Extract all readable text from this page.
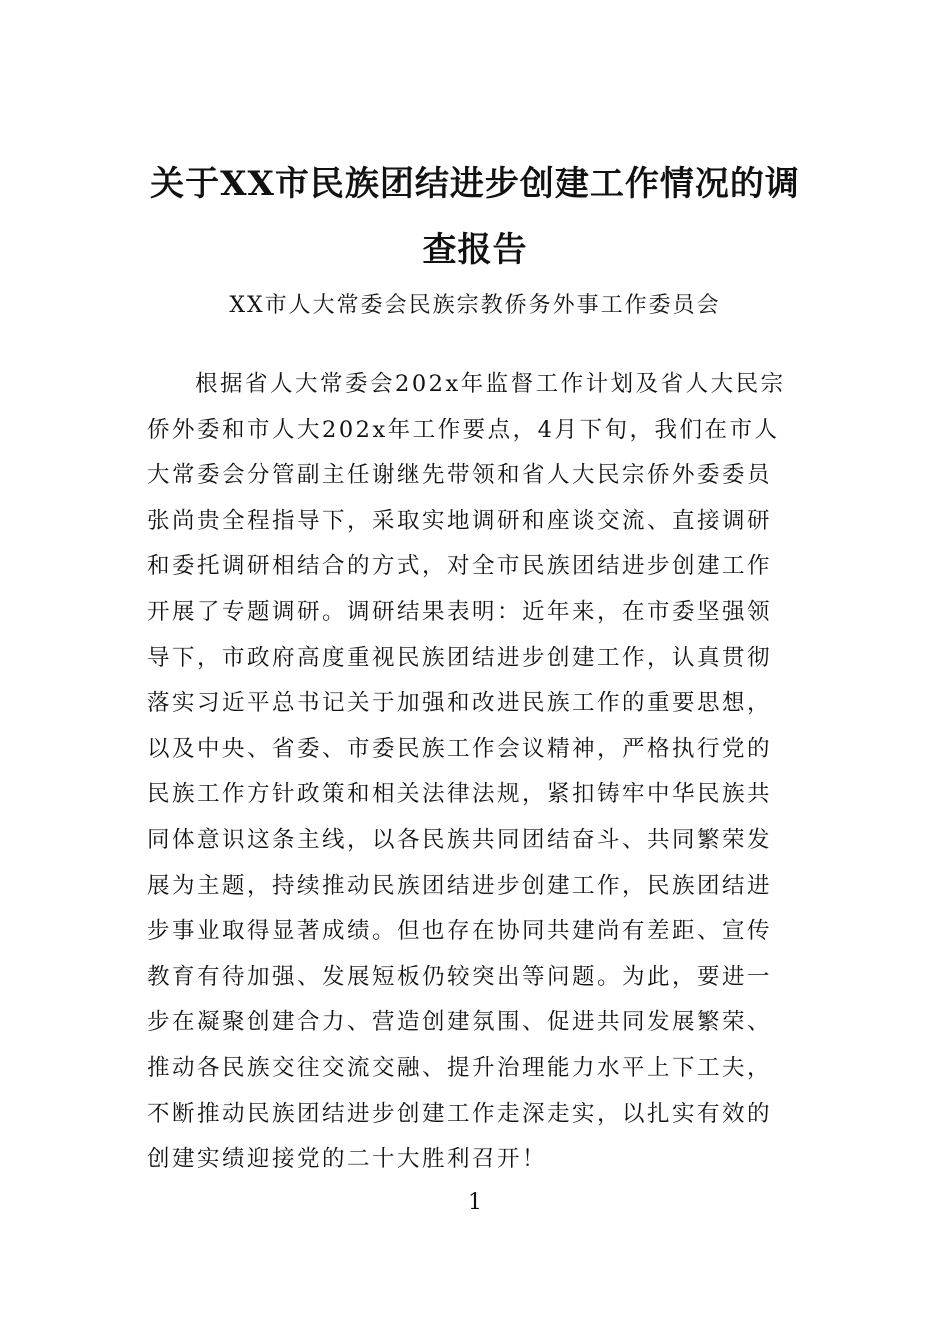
关于XX市民族团结进步创建工作情况的调
查报告

XX市人大常委会民族宗教侨务外事工作委员会

根据省人大常委会202x年监督工作计划及省人大民宗

侨外委和市人大202x年工作要点，4月下旬，我们在市人

大常委会分管副主任谢继先带领和省人大民宗侨外委委员

张尚贵全程指导下，采取实地调研和座谈交流、直接调研

和委托调研相结合的方式，对全市民族团结进步创建工作

开展了专题调研。调研结果表明：近年来，在市委坚强领

导下，市政府高度重视民族团结进步创建工作，认真贯彻

落实习近平总书记关于加强和改进民族工作的重要思想，

以及中央、省委、市委民族工作会议精神，严格执行党的

民族工作方针政策和相关法律法规，紧扣铸牢中华民族共

同体意识这条主线，以各民族共同团结奋斗、共同繁荣发

展为主题，持续推动民族团结进步创建工作，民族团结进

步事业取得显著成绩。但也存在协同共建尚有差距、宣传

教育有待加强、发展短板仍较突出等问题。为此，要进一

步在凝聚创建合力、营造创建氛围、促进共同发展繁荣、

推动各民族交往交流交融、提升治理能力水平上下工夫，

不断推动民族团结进步创建工作走深走实，以扎实有效的

创建实绩迎接党的二十大胜利召开！

1
